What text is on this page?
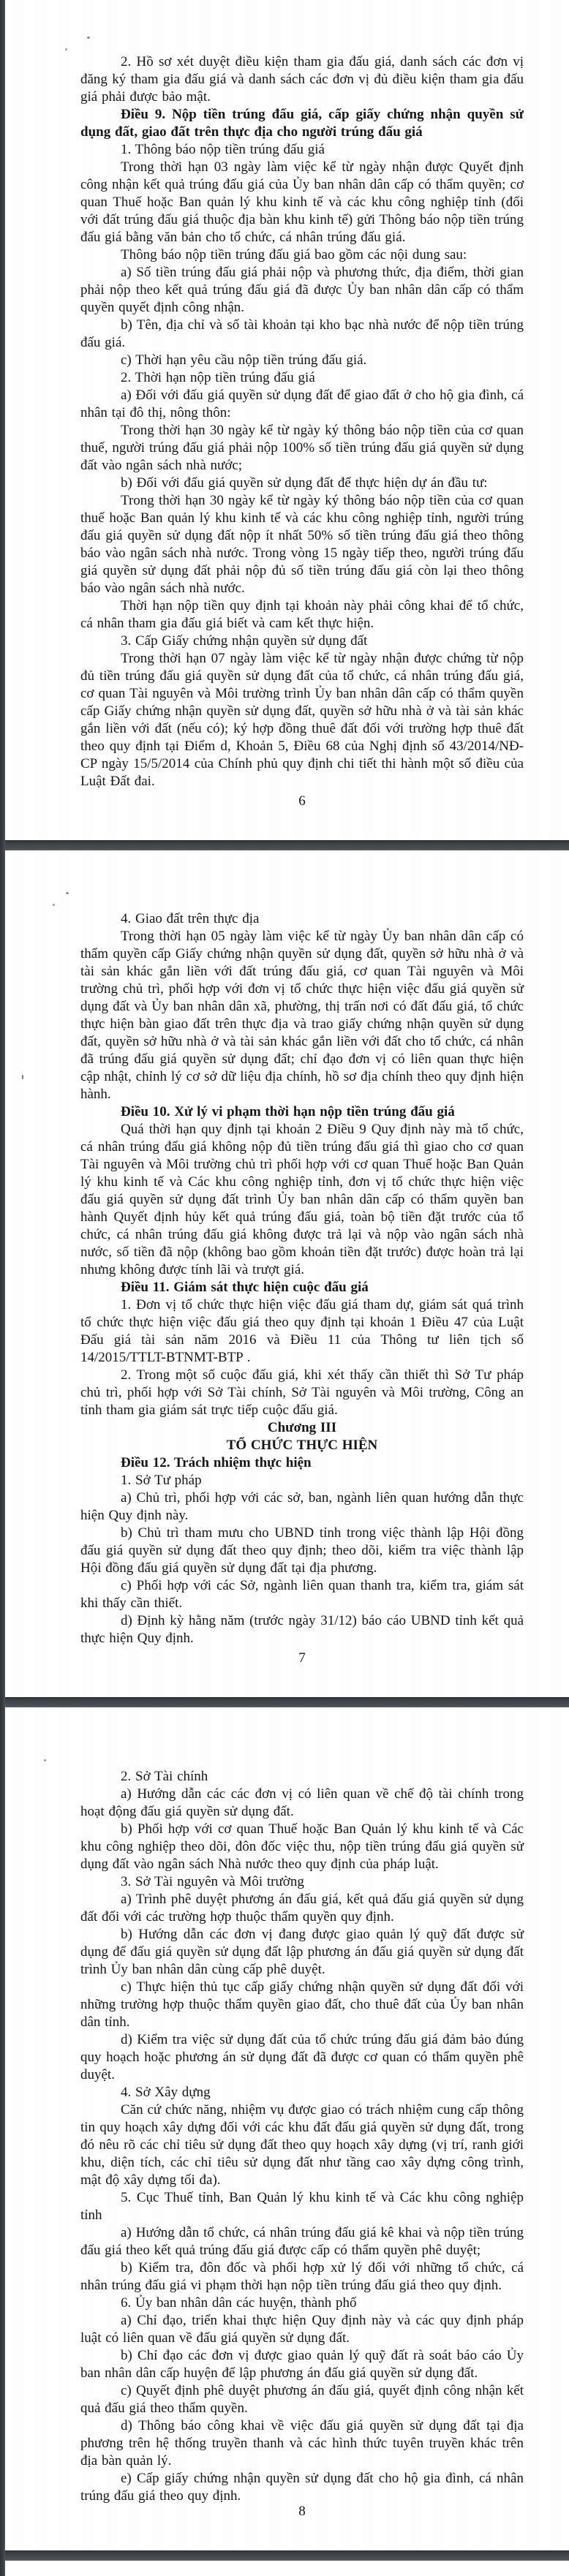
2. Hồ sơ xét duyệt điều kiện tham gia đấu giá, danh sách các đơn vị đăng ký tham gia đấu giá và danh sách các đơn vị đủ điều kiện tham gia đấu giá phải được bảo mật.

Điều 9. Nộp tiền trúng đấu giá, cấp giấy chứng nhận quyền sử dụng đất, giao đất trên thực địa cho người trúng đấu giá

1. Thông báo nộp tiền trúng đấu giá

Trong thời hạn 03 ngày làm việc kể từ ngày nhận được Quyết định công nhận kết quả trúng đấu giá của Ủy ban nhân dân cấp có thẩm quyền; cơ quan Thuế hoặc Ban quản lý khu kinh tế và các khu công nghiệp tỉnh (đối với đất trúng đấu giá thuộc địa bàn khu kinh tế) gửi Thông báo nộp tiền trúng đấu giá bằng văn bản cho tổ chức, cá nhân trúng đấu giá.

Thông báo nộp tiền trúng đấu giá bao gồm các nội dung sau:

a) Số tiền trúng đấu giá phải nộp và phương thức, địa điểm, thời gian phải nộp theo kết quả trúng đấu giá đã được Ủy ban nhân dân cấp có thẩm quyền quyết định công nhận.

b) Tên, địa chỉ và số tài khoản tại kho bạc nhà nước để nộp tiền trúng đấu giá.

c) Thời hạn yêu cầu nộp tiền trúng đấu giá.

2. Thời hạn nộp tiền trúng đấu giá

a) Đối với đấu giá quyền sử dụng đất để giao đất ở cho hộ gia đình, cá nhân tại đô thị, nông thôn:

Trong thời hạn 30 ngày kể từ ngày ký thông báo nộp tiền của cơ quan thuế, người trúng đấu giá phải nộp 100% số tiền trúng đấu giá quyền sử dụng đất vào ngân sách nhà nước;

b) Đối với đấu giá quyền sử dụng đất để thực hiện dự án đầu tư:

Trong thời hạn 30 ngày kể từ ngày ký thông báo nộp tiền của cơ quan thuế hoặc Ban quản lý khu kinh tế và các khu công nghiệp tỉnh, người trúng đấu giá quyền sử dụng đất nộp ít nhất 50% số tiền trúng đấu giá theo thông báo vào ngân sách nhà nước. Trong vòng 15 ngày tiếp theo, người trúng đấu giá quyền sử dụng đất phải nộp đủ số tiền trúng đấu giá còn lại theo thông báo vào ngân sách nhà nước.

Thời hạn nộp tiền quy định tại khoản này phải công khai để tổ chức, cá nhân tham gia đấu giá biết và cam kết thực hiện.

3. Cấp Giấy chứng nhận quyền sử dụng đất

Trong thời hạn 07 ngày làm việc kể từ ngày nhận được chứng từ nộp đủ tiền trúng đấu giá quyền sử dụng đất của tổ chức, cá nhân trúng đấu giá, cơ quan Tài nguyên và Môi trường trình Ủy ban nhân dân cấp có thẩm quyền cấp Giấy chứng nhận quyền sử dụng đất, quyền sở hữu nhà ở và tài sản khác gắn liền với đất (nếu có); ký hợp đồng thuê đất đối với trường hợp thuê đất theo quy định tại Điểm d, Khoản 5, Điều 68 của Nghị định số 43/2014/NĐ-CP ngày 15/5/2014 của Chính phủ quy định chi tiết thi hành một số điều của Luật Đất đai.

6

4. Giao đất trên thực địa

Trong thời hạn 05 ngày làm việc kể từ ngày Ủy ban nhân dân cấp có thẩm quyền cấp Giấy chứng nhận quyền sử dụng đất, quyền sở hữu nhà ở và tài sản khác gắn liền với đất trúng đấu giá, cơ quan Tài nguyên và Môi trường chủ trì, phối hợp với đơn vị tổ chức thực hiện việc đấu giá quyền sử dụng đất và Ủy ban nhân dân xã, phường, thị trấn nơi có đất đấu giá, tổ chức thực hiện bàn giao đất trên thực địa và trao giấy chứng nhận quyền sử dụng đất, quyền sở hữu nhà ở và tài sản khác gắn liền với đất cho tổ chức, cá nhân đã trúng đấu giá quyền sử dụng đất; chỉ đạo đơn vị có liên quan thực hiện cập nhật, chỉnh lý cơ sở dữ liệu địa chính, hồ sơ địa chính theo quy định hiện hành.

Điều 10. Xử lý vi phạm thời hạn nộp tiền trúng đấu giá

Quá thời hạn quy định tại khoản 2 Điều 9 Quy định này mà tổ chức, cá nhân trúng đấu giá không nộp đủ tiền trúng đấu giá thì giao cho cơ quan Tài nguyên và Môi trường chủ trì phối hợp với cơ quan Thuế hoặc Ban Quản lý khu kinh tế và Các khu công nghiệp tỉnh, đơn vị tổ chức thực hiện việc đấu giá quyền sử dụng đất trình Ủy ban nhân dân cấp có thẩm quyền ban hành Quyết định hủy kết quả trúng đấu giá, toàn bộ tiền đặt trước của tổ chức, cá nhân trúng đấu giá không được trả lại và nộp vào ngân sách nhà nước, số tiền đã nộp (không bao gồm khoản tiền đặt trước) được hoàn trả lại nhưng không được tính lãi và trượt giá.

Điều 11. Giám sát thực hiện cuộc đấu giá

1. Đơn vị tổ chức thực hiện việc đấu giá tham dự, giám sát quá trình tổ chức thực hiện việc đấu giá theo quy định tại khoản 1 Điều 47 của Luật Đấu giá tài sản năm 2016 và Điều 11 của Thông tư liên tịch số 14/2015/TTLT-BTNMT-BTP .

2. Trong một số cuộc đấu giá, khi xét thấy cần thiết thì Sở Tư pháp chủ trì, phối hợp với Sở Tài chính, Sở Tài nguyên và Môi trường, Công an tỉnh tham gia giám sát trực tiếp cuộc đấu giá.

Chương III

TỔ CHỨC THỰC HIỆN

Điều 12. Trách nhiệm thực hiện

1. Sở Tư pháp

a) Chủ trì, phối hợp với các sở, ban, ngành liên quan hướng dẫn thực hiện Quy định này.

b) Chủ trì tham mưu cho UBND tỉnh trong việc thành lập Hội đồng đấu giá quyền sử dụng đất theo quy định; theo dõi, kiểm tra việc thành lập Hội đồng đấu giá quyền sử dụng đất tại địa phương.

c) Phối hợp với các Sở, ngành liên quan thanh tra, kiểm tra, giám sát khi thấy cần thiết.

d) Định kỳ hằng năm (trước ngày 31/12) báo cáo UBND tỉnh kết quả thực hiện Quy định.

7

2. Sở Tài chính

a) Hướng dẫn các các đơn vị có liên quan về chế độ tài chính trong hoạt động đấu giá quyền sử dụng đất.

b) Phối hợp với cơ quan Thuế hoặc Ban Quản lý khu kinh tế và Các khu công nghiệp theo dõi, đôn đốc việc thu, nộp tiền trúng đấu giá quyền sử dụng đất vào ngân sách Nhà nước theo quy định của pháp luật.

3. Sở Tài nguyên và Môi trường

a) Trình phê duyệt phương án đấu giá, kết quả đấu giá quyền sử dụng đất đối với các trường hợp thuộc thẩm quyền quy định.

b) Hướng dẫn các đơn vị đang được giao quản lý quỹ đất được sử dụng để đấu giá quyền sử dụng đất lập phương án đấu giá quyền sử dụng đất trình Ủy ban nhân dân cùng cấp phê duyệt.

c) Thực hiện thủ tục cấp giấy chứng nhận quyền sử dụng đất đối với những trường hợp thuộc thẩm quyền giao đất, cho thuê đất của Ủy ban nhân dân tỉnh.

d) Kiểm tra việc sử dụng đất của tổ chức trúng đấu giá đảm bảo đúng quy hoạch hoặc phương án sử dụng đất đã được cơ quan có thẩm quyền phê duyệt.

4. Sở Xây dựng

Căn cứ chức năng, nhiệm vụ được giao có trách nhiệm cung cấp thông tin quy hoạch xây dựng đối với các khu đất đấu giá quyền sử dụng đất, trong đó nêu rõ các chỉ tiêu sử dụng đất theo quy hoạch xây dựng (vị trí, ranh giới khu, diện tích, các chỉ tiêu sử dụng đất như tầng cao xây dựng công trình, mật độ xây dựng tối đa).

5. Cục Thuế tỉnh, Ban Quản lý khu kinh tế và Các khu công nghiệp tỉnh

a) Hướng dẫn tổ chức, cá nhân trúng đấu giá kê khai và nộp tiền trúng đấu giá theo kết quả trúng đấu giá được cấp có thẩm quyền phê duyệt;

b) Kiểm tra, đôn đốc và phối hợp xử lý đối với những tổ chức, cá nhân trúng đấu giá vi phạm thời hạn nộp tiền trúng đấu giá theo quy định.

6. Ủy ban nhân dân các huyện, thành phố

a) Chỉ đạo, triển khai thực hiện Quy định này và các quy định pháp luật có liên quan về đấu giá quyền sử dụng đất.

b) Chỉ đạo các đơn vị được giao quản lý quỹ đất rà soát báo cáo Ủy ban nhân dân cấp huyện để lập phương án đấu giá quyền sử dụng đất.

c) Quyết định phê duyệt phương án đấu giá, quyết định công nhận kết quả đấu giá theo thẩm quyền.

d) Thông báo công khai về việc đấu giá quyền sử dụng đất tại địa phương trên hệ thống truyền thanh và các hình thức tuyên truyền khác trên địa bàn quản lý.

e) Cấp giấy chứng nhận quyền sử dụng đất cho hộ gia đình, cá nhân trúng đấu giá theo quy định.

8
